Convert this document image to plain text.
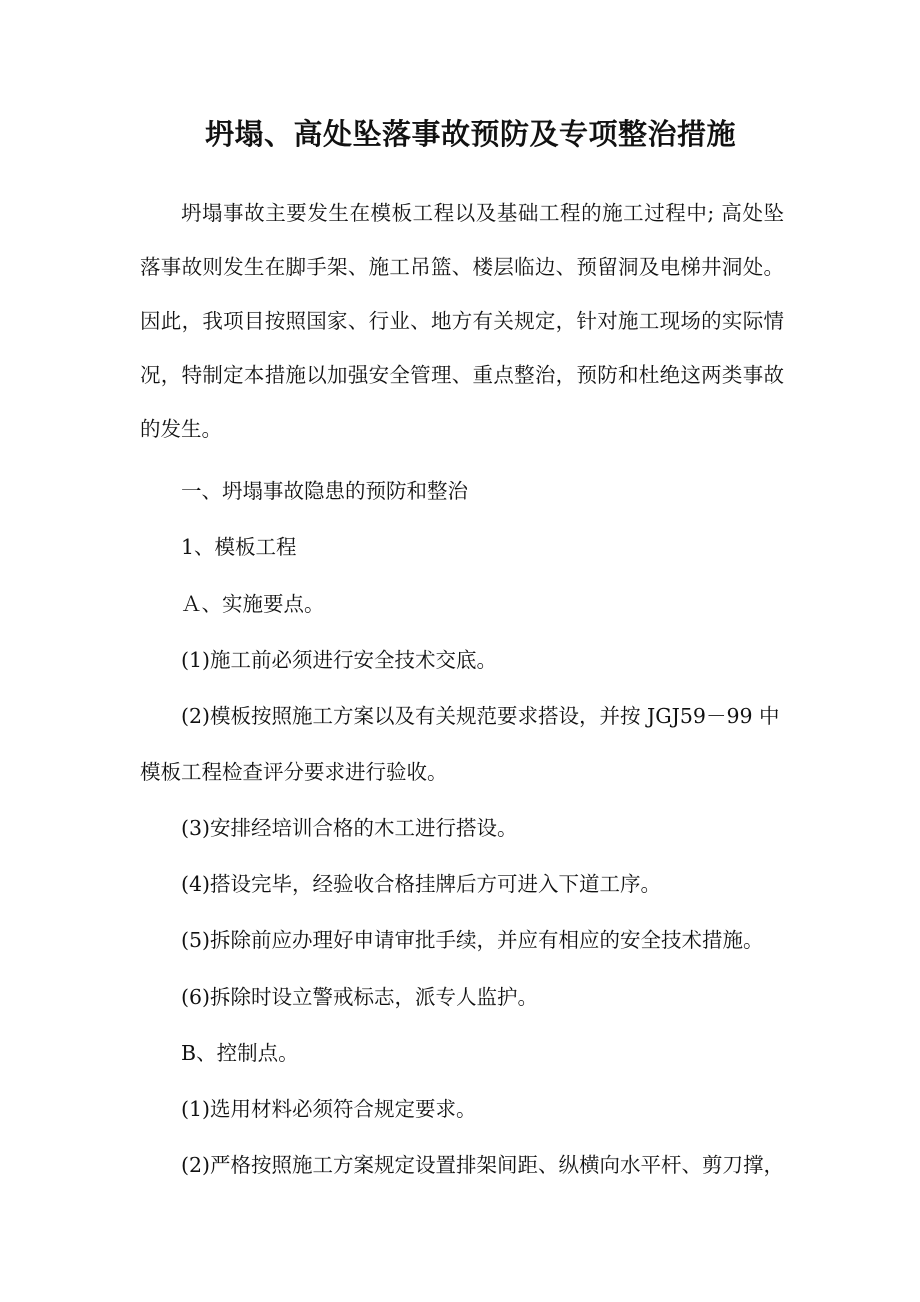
坍塌、高处坠落事故预防及专项整治措施

坍塌事故主要发生在模板工程以及基础工程的施工过程中; 高处坠落事故则发生在脚手架、施工吊篮、楼层临边、预留洞及电梯井洞处。因此，我项目按照国家、行业、地方有关规定，针对施工现场的实际情况，特制定本措施以加强安全管理、重点整治，预防和杜绝这两类事故的发生。

一、坍塌事故隐患的预防和整治

1、模板工程

Ａ、实施要点。

(1)施工前必须进行安全技术交底。

(2)模板按照施工方案以及有关规范要求搭设，并按 JGJ59－99 中

模板工程检查评分要求进行验收。

(3)安排经培训合格的木工进行搭设。

(4)搭设完毕，经验收合格挂牌后方可进入下道工序。

(5)拆除前应办理好申请审批手续，并应有相应的安全技术措施。

(6)拆除时设立警戒标志，派专人监护。

B、控制点。

(1)选用材料必须符合规定要求。

(2)严格按照施工方案规定设置排架间距、纵横向水平杆、剪刀撑，
